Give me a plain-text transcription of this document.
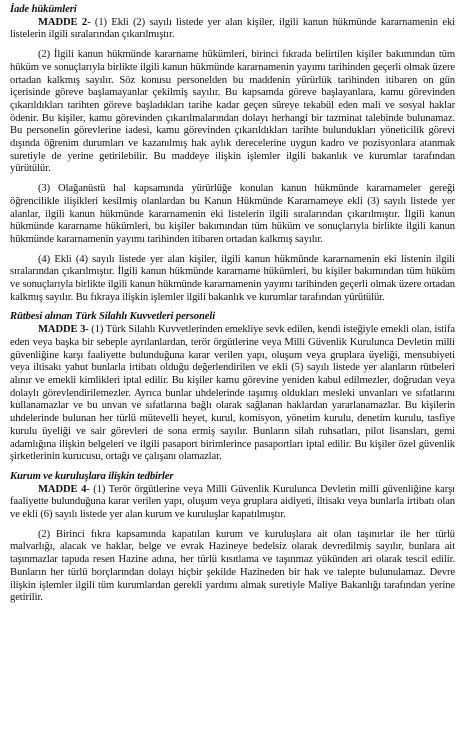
İade hükümleri

MADDE 2- (1) Ekli (2) sayılı listede yer alan kişiler, ilgili kanun hükmünde kararnamenin eki listelerin ilgili sıralarından çıkarılmıştır.

(2) İlgili kanun hükmünde kararname hükümleri, birinci fıkrada belirtilen kişiler bakımından tüm hüküm ve sonuçlarıyla birlikte ilgili kanun hükmünde kararnamenin yayımı tarihinden geçerli olmak üzere ortadan kalkmış sayılır. Söz konusu personelden bu maddenin yürürlük tarihinden itibaren on gün içerisinde göreve başlamayanlar çekilmiş sayılır. Bu kapsamda göreve başlayanlara, kamu görevinden çıkarıldıkları tarihten göreve başladıkları tarihe kadar geçen süreye tekabül eden mali ve sosyal haklar ödenir. Bu kişiler, kamu görevinden çıkarılmalarından dolayı herhangi bir tazminat talebinde bulunamaz. Bu personelin görevlerine iadesi, kamu görevinden çıkarıldıkları tarihte bulundukları yöneticilik görevi dışında öğrenim durumları ve kazanılmış hak aylık derecelerine uygun kadro ve pozisyonlara atanmak suretiyle de yerine getirilebilir. Bu maddeye ilişkin işlemler ilgili bakanlık ve kurumlar tarafından yürütülür.

(3) Olağanüstü hal kapsamında yürürlüğe konulan kanun hükmünde kararnameler gereği öğrencilikle ilişikleri kesilmiş olanlardan bu Kanun Hükmünde Kararnameye ekli (3) sayılı listede yer alanlar, ilgili kanun hükmünde kararnamenin eki listelerin ilgili sıralarından çıkarılmıştır. İlgili kanun hükmünde kararname hükümleri, bu kişiler bakımından tüm hüküm ve sonuçlarıyla birlikte ilgili kanun hükmünde kararnamenin yayımı tarihinden itibaren ortadan kalkmış sayılır.

(4) Ekli (4) sayılı listede yer alan kişiler, ilgili kanun hükmünde kararnamenin eki listenin ilgili sıralarından çıkarılmıştır. İlgili kanun hükmünde kararname hükümleri, bu kişiler bakımından tüm hüküm ve sonuçlarıyla birlikte ilgili kanun hükmünde kararnamenin yayımı tarihinden geçerli olmak üzere ortadan kalkmış sayılır. Bu fıkraya ilişkin işlemler ilgili bakanlık ve kurumlar tarafından yürütülür.

Rütbesi alınan Türk Silahlı Kuvvetleri personeli

MADDE 3- (1) Türk Silahlı Kuvvetlerinden emekliye sevk edilen, kendi isteğiyle emekli olan, istifa eden veya başka bir sebeple ayrılanlardan, terör örgütlerine veya Milli Güvenlik Kurulunca Devletin milli güvenliğine karşı faaliyette bulunduğuna karar verilen yapı, oluşum veya gruplara üyeliği, mensubiyeti veya iltisakı yahut bunlarla irtibatı olduğu değerlendirilen ve ekli (5) sayılı listede yer alanların rütbeleri alınır ve emekli kimlikleri iptal edilir. Bu kişiler kamu görevine yeniden kabul edilmezler, doğrudan veya dolaylı görevlendirilemezler. Ayrıca bunlar uhdelerinde taşımış oldukları mesleki unvanları ve sıfatlarını kullanamazlar ve bu unvan ve sıfatlarına bağlı olarak sağlanan haklardan yararlanamazlar. Bu kişilerin uhdelerinde bulunan her türlü mütevelli heyet, kurul, komisyon, yönetim kurulu, denetim kurulu, tasfiye kurulu üyeliği ve sair görevleri de sona ermiş sayılır. Bunların silah ruhsatları, pilot lisansları, gemi adamlığına ilişkin belgeleri ve ilgili pasaport birimlerince pasaportları iptal edilir. Bu kişiler özel güvenlik şirketlerinin kurucusu, ortağı ve çalışanı olamazlar.

Kurum ve kuruluşlara ilişkin tedbirler

MADDE 4- (1) Terör örgütlerine veya Milli Güvenlik Kurulunca Devletin milli güvenliğine karşı faaliyette bulunduğuna karar verilen yapı, oluşum veya gruplara aidiyeti, iltisakı veya bunlarla irtibatı olan ve ekli (6) sayılı listede yer alan kurum ve kuruluşlar kapatılmıştır.

(2) Birinci fıkra kapsamında kapatılan kurum ve kuruluşlara ait olan taşınırlar ile her türlü malvarlığı, alacak ve haklar, belge ve evrak Hazineye bedelsiz olarak devredilmiş sayılır, bunlara ait taşınmazlar tapuda resen Hazine adına, her türlü kısıtlama ve taşınmaz yükünden ari olarak tescil edilir. Bunların her türlü borçlarından dolayı hiçbir şekilde Hazineden bir hak ve talepte bulunulamaz. Devre ilişkin işlemler ilgili tüm kurumlardan gerekli yardımı almak suretiyle Maliye Bakanlığı tarafından yerine getirilir.
